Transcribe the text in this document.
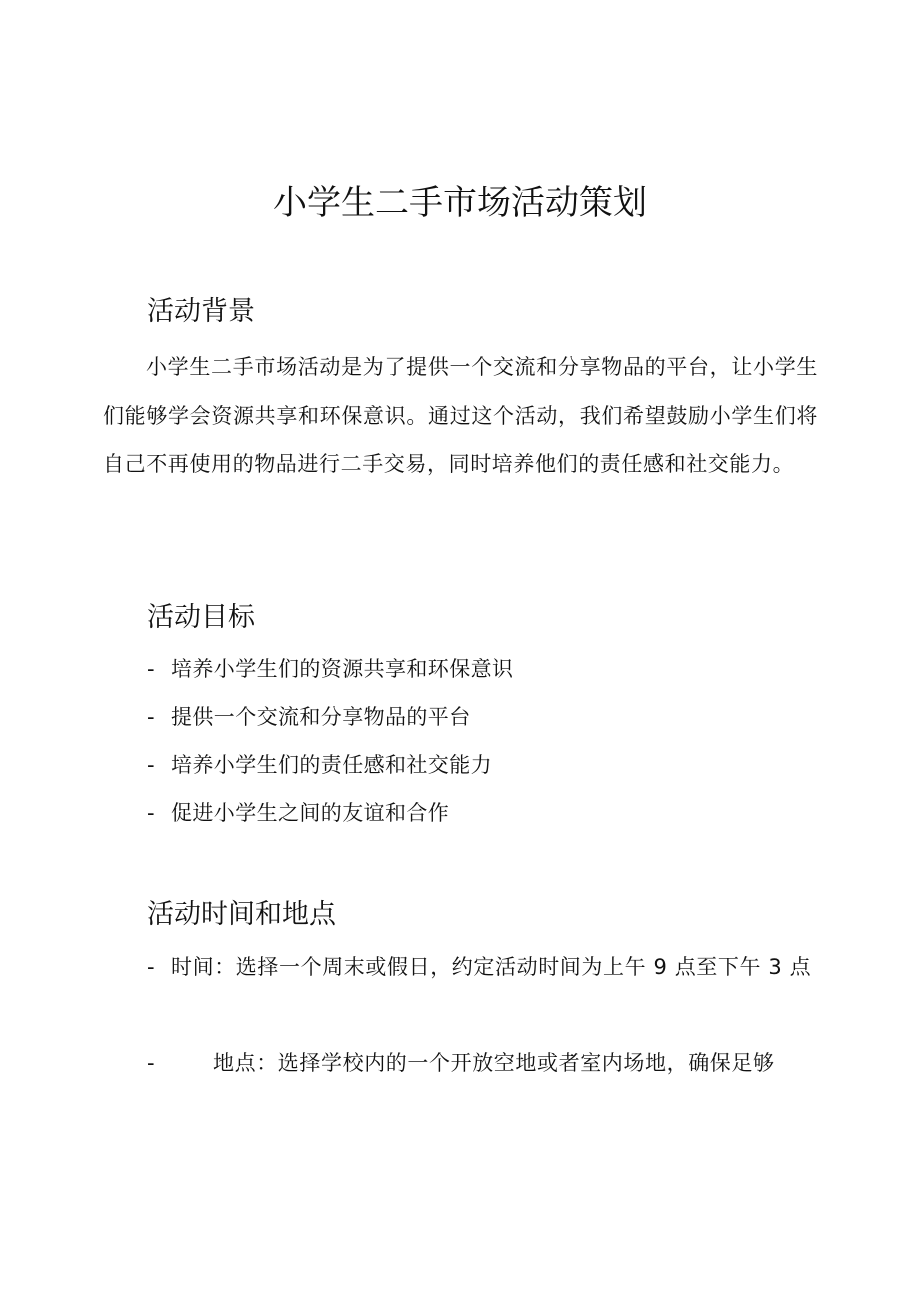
小学生二手市场活动策划
活动背景

小学生二手市场活动是为了提供一个交流和分享物品的平台，让小学生们能够学会资源共享和环保意识。通过这个活动，我们希望鼓励小学生们将自己不再使用的物品进行二手交易，同时培养他们的责任感和社交能力。

活动目标
- 培养小学生们的资源共享和环保意识
- 提供一个交流和分享物品的平台
- 培养小学生们的责任感和社交能力
- 促进小学生之间的友谊和合作
活动时间和地点

- 时间：选择一个周末或假日，约定活动时间为上午 9 点至下午 3 点

-	地点：选择学校内的一个开放空地或者室内场地，确保足够
